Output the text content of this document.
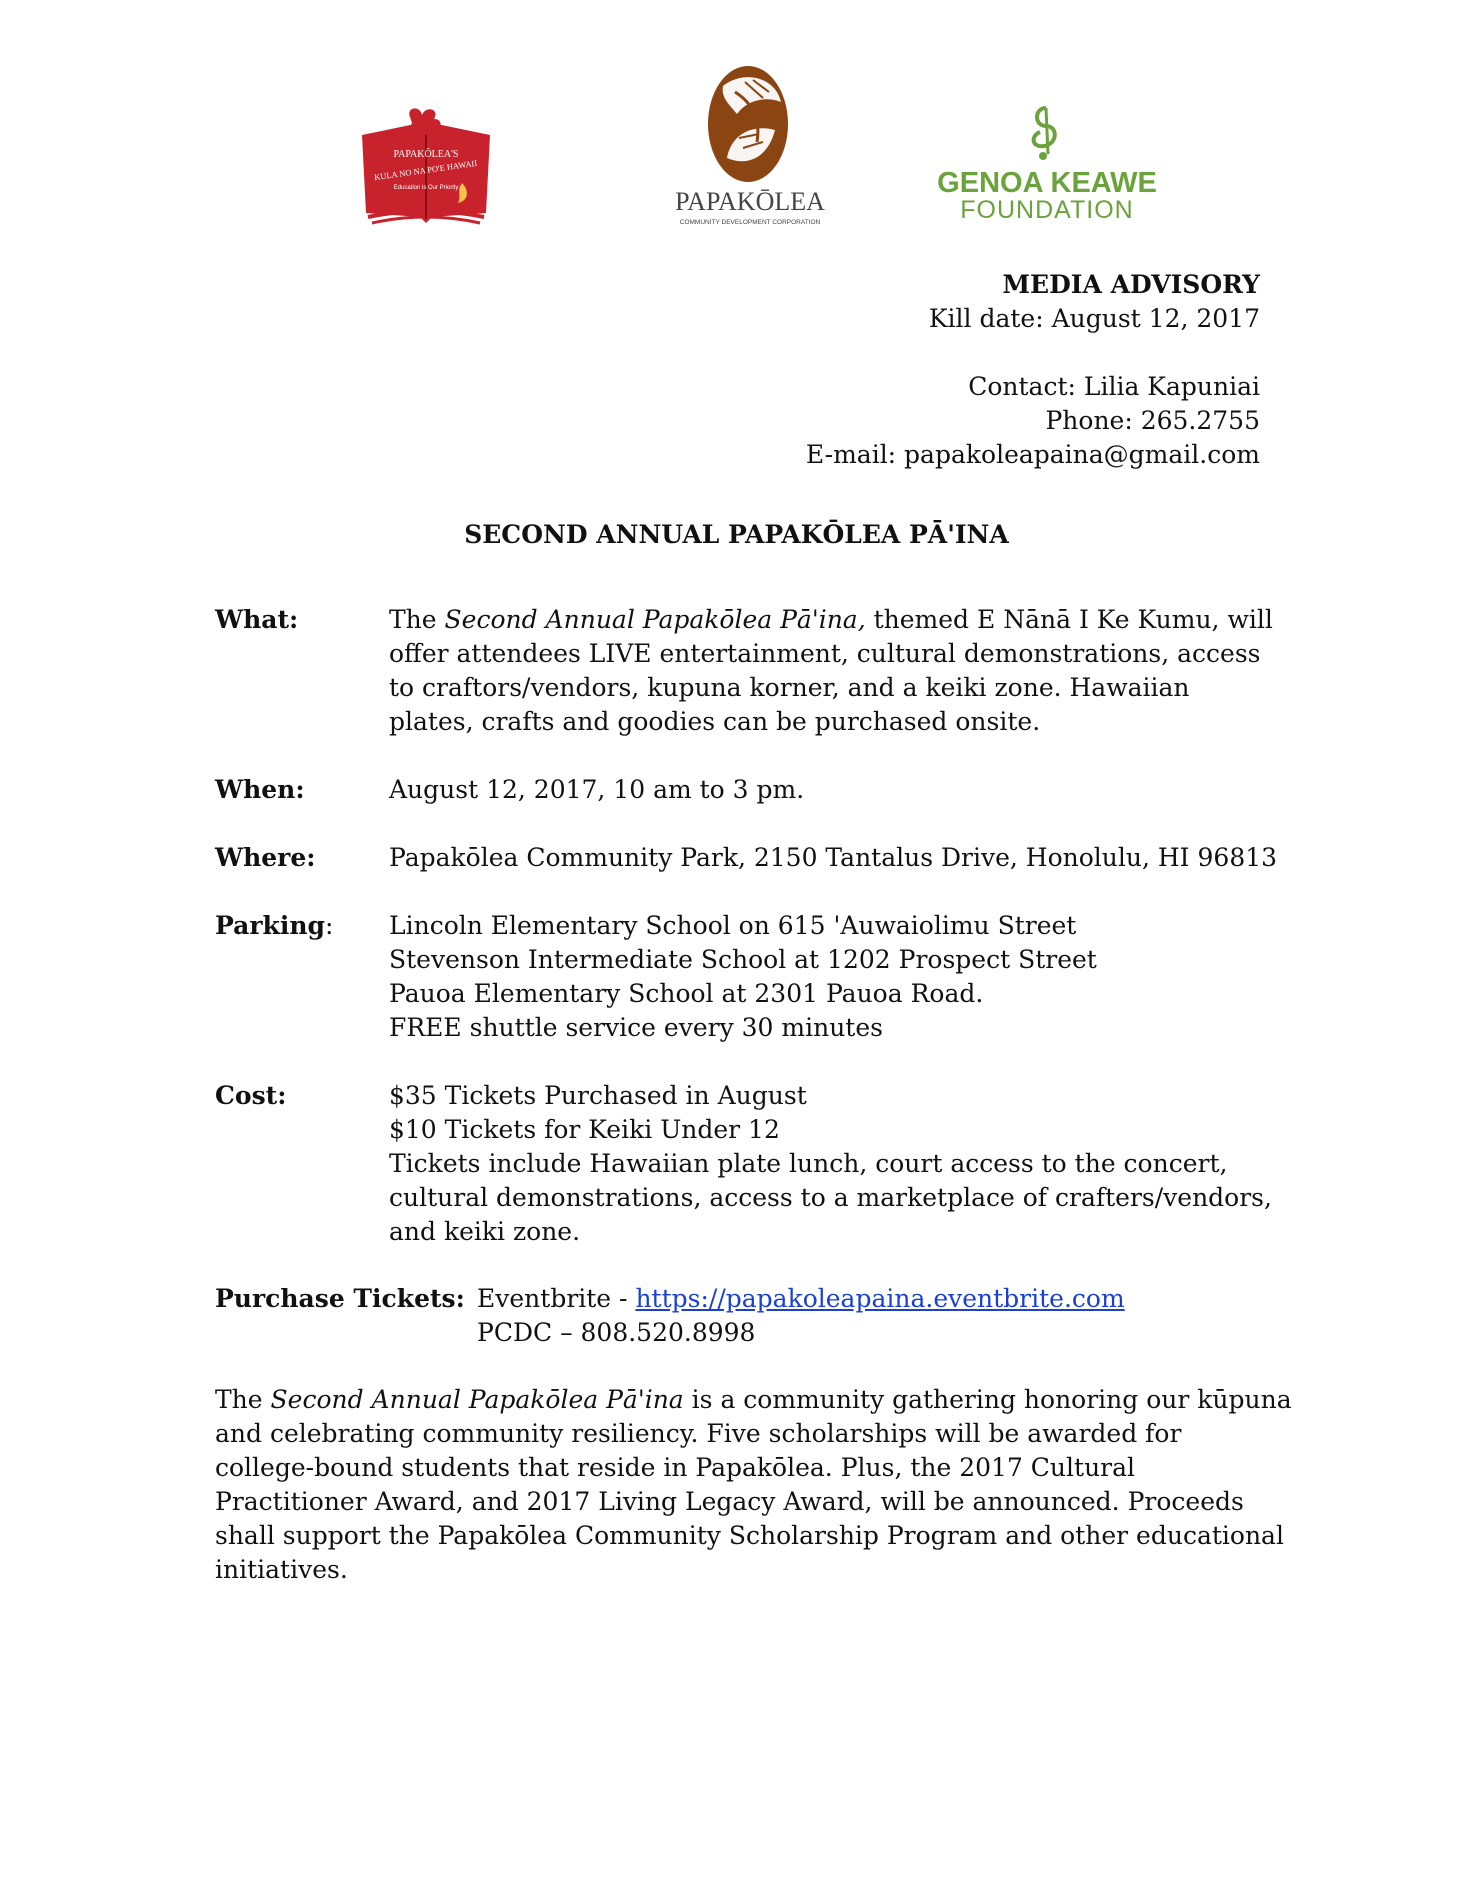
PAPAKŌLEA'S
KULA NO NA PO'E HAWAII
Education is Our Priority	PAPAKŌLEA
COMMUNITY DEVELOPMENT CORPORATION
GENOA KEAWE
FOUNDATION
MEDIA ADVISORY
Kill date: August 12, 2017
Contact: Lilia Kapuniai
Phone: 265.2755
E-mail: papakoleapaina@gmail.com
SECOND ANNUAL PAPAKŌLEA PĀ'INA
What:	The Second Annual Papakōlea Pā'ina, themed E Nānā I Ke Kumu, will
offer attendees LIVE entertainment, cultural demonstrations, access
to craftors/vendors, kupuna korner, and a keiki zone. Hawaiian
plates, crafts and goodies can be purchased onsite.
When:	August 12, 2017, 10 am to 3 pm.
Where:	Papakōlea Community Park, 2150 Tantalus Drive, Honolulu, HI 96813
Parking: Lincoln Elementary School on 615 'Auwaiolimu Street
Stevenson Intermediate School at 1202 Prospect Street
Pauoa Elementary School at 2301 Pauoa Road.
FREE shuttle service every 30 minutes
Cost:	$35 Tickets Purchased in August
$10 Tickets for Keiki Under 12
Tickets include Hawaiian plate lunch, court access to the concert,
cultural demonstrations, access to a marketplace of crafters/vendors,
and keiki zone.
Purchase Tickets: Eventbrite - https://papakoleapaina.eventbrite.com
PCDC – 808.520.8998
The Second Annual Papakōlea Pā'ina is a community gathering honoring our kūpuna
and celebrating community resiliency. Five scholarships will be awarded for
college-bound students that reside in Papakōlea. Plus, the 2017 Cultural
Practitioner Award, and 2017 Living Legacy Award, will be announced. Proceeds
shall support the Papakōlea Community Scholarship Program and other educational
initiatives.
